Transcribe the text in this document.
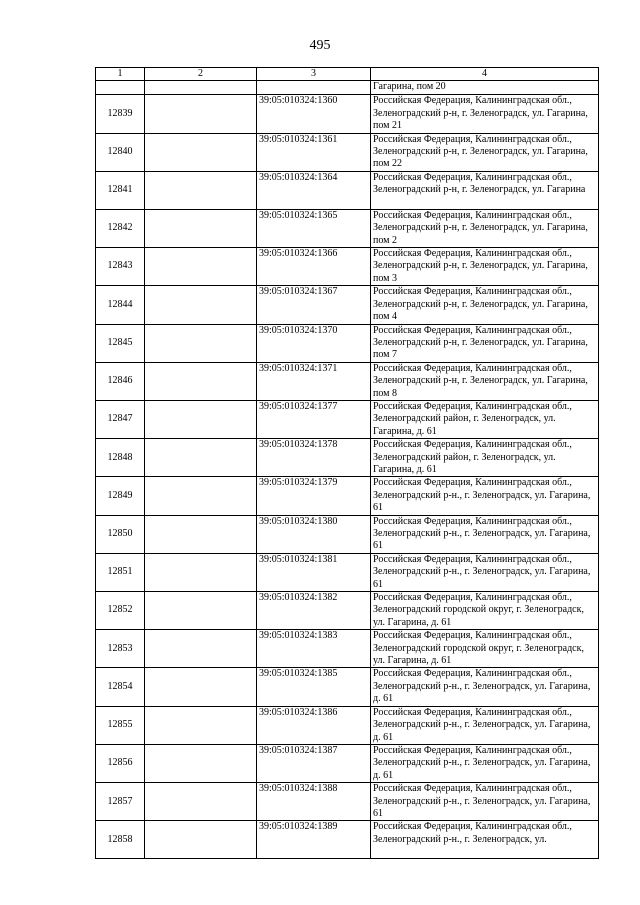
495
1	2	3	4
			Гагарина, пом 20
12839		39:05:010324:1360	Российская Федерация, Калининградская обл., Зеленоградский р-н, г. Зеленоградск, ул. Гагарина, пом 21
12840		39:05:010324:1361	Российская Федерация, Калининградская обл., Зеленоградский р-н, г. Зеленоградск, ул. Гагарина, пом 22
12841		39:05:010324:1364	Российская Федерация, Калининградская обл., Зеленоградский р-н, г. Зеленоградск, ул. Гагарина
12842		39:05:010324:1365	Российская Федерация, Калининградская обл., Зеленоградский р-н, г. Зеленоградск, ул. Гагарина, пом 2
12843		39:05:010324:1366	Российская Федерация, Калининградская обл., Зеленоградский р-н, г. Зеленоградск, ул. Гагарина, пом 3
12844		39:05:010324:1367	Российская Федерация, Калининградская обл., Зеленоградский р-н, г. Зеленоградск, ул. Гагарина, пом 4
12845		39:05:010324:1370	Российская Федерация, Калининградская обл., Зеленоградский р-н, г. Зеленоградск, ул. Гагарина, пом 7
12846		39:05:010324:1371	Российская Федерация, Калининградская обл., Зеленоградский р-н, г. Зеленоградск, ул. Гагарина, пом 8
12847		39:05:010324:1377	Российская Федерация, Калининградская обл., Зеленоградский район, г. Зеленоградск, ул. Гагарина, д. 61
12848		39:05:010324:1378	Российская Федерация, Калининградская обл., Зеленоградский район, г. Зеленоградск, ул. Гагарина, д. 61
12849		39:05:010324:1379	Российская Федерация, Калининградская обл., Зеленоградский р-н., г. Зеленоградск, ул. Гагарина, 61
12850		39:05:010324:1380	Российская Федерация, Калининградская обл., Зеленоградский р-н., г. Зеленоградск, ул. Гагарина, 61
12851		39:05:010324:1381	Российская Федерация, Калининградская обл., Зеленоградский р-н., г. Зеленоградск, ул. Гагарина, 61
12852		39:05:010324:1382	Российская Федерация, Калининградская обл., Зеленоградский городской округ, г. Зеленоградск, ул. Гагарина, д. 61
12853		39:05:010324:1383	Российская Федерация, Калининградская обл., Зеленоградский городской округ, г. Зеленоградск, ул. Гагарина, д. 61
12854		39:05:010324:1385	Российская Федерация, Калининградская обл., Зеленоградский р-н., г. Зеленоградск, ул. Гагарина, д. 61
12855		39:05:010324:1386	Российская Федерация, Калининградская обл., Зеленоградский р-н., г. Зеленоградск, ул. Гагарина, д. 61
12856		39:05:010324:1387	Российская Федерация, Калининградская обл., Зеленоградский р-н., г. Зеленоградск, ул. Гагарина, д. 61
12857		39:05:010324:1388	Российская Федерация, Калининградская обл., Зеленоградский р-н., г. Зеленоградск, ул. Гагарина, 61
12858		39:05:010324:1389	Российская Федерация, Калининградская обл., Зеленоградский р-н., г. Зеленоградск, ул.
